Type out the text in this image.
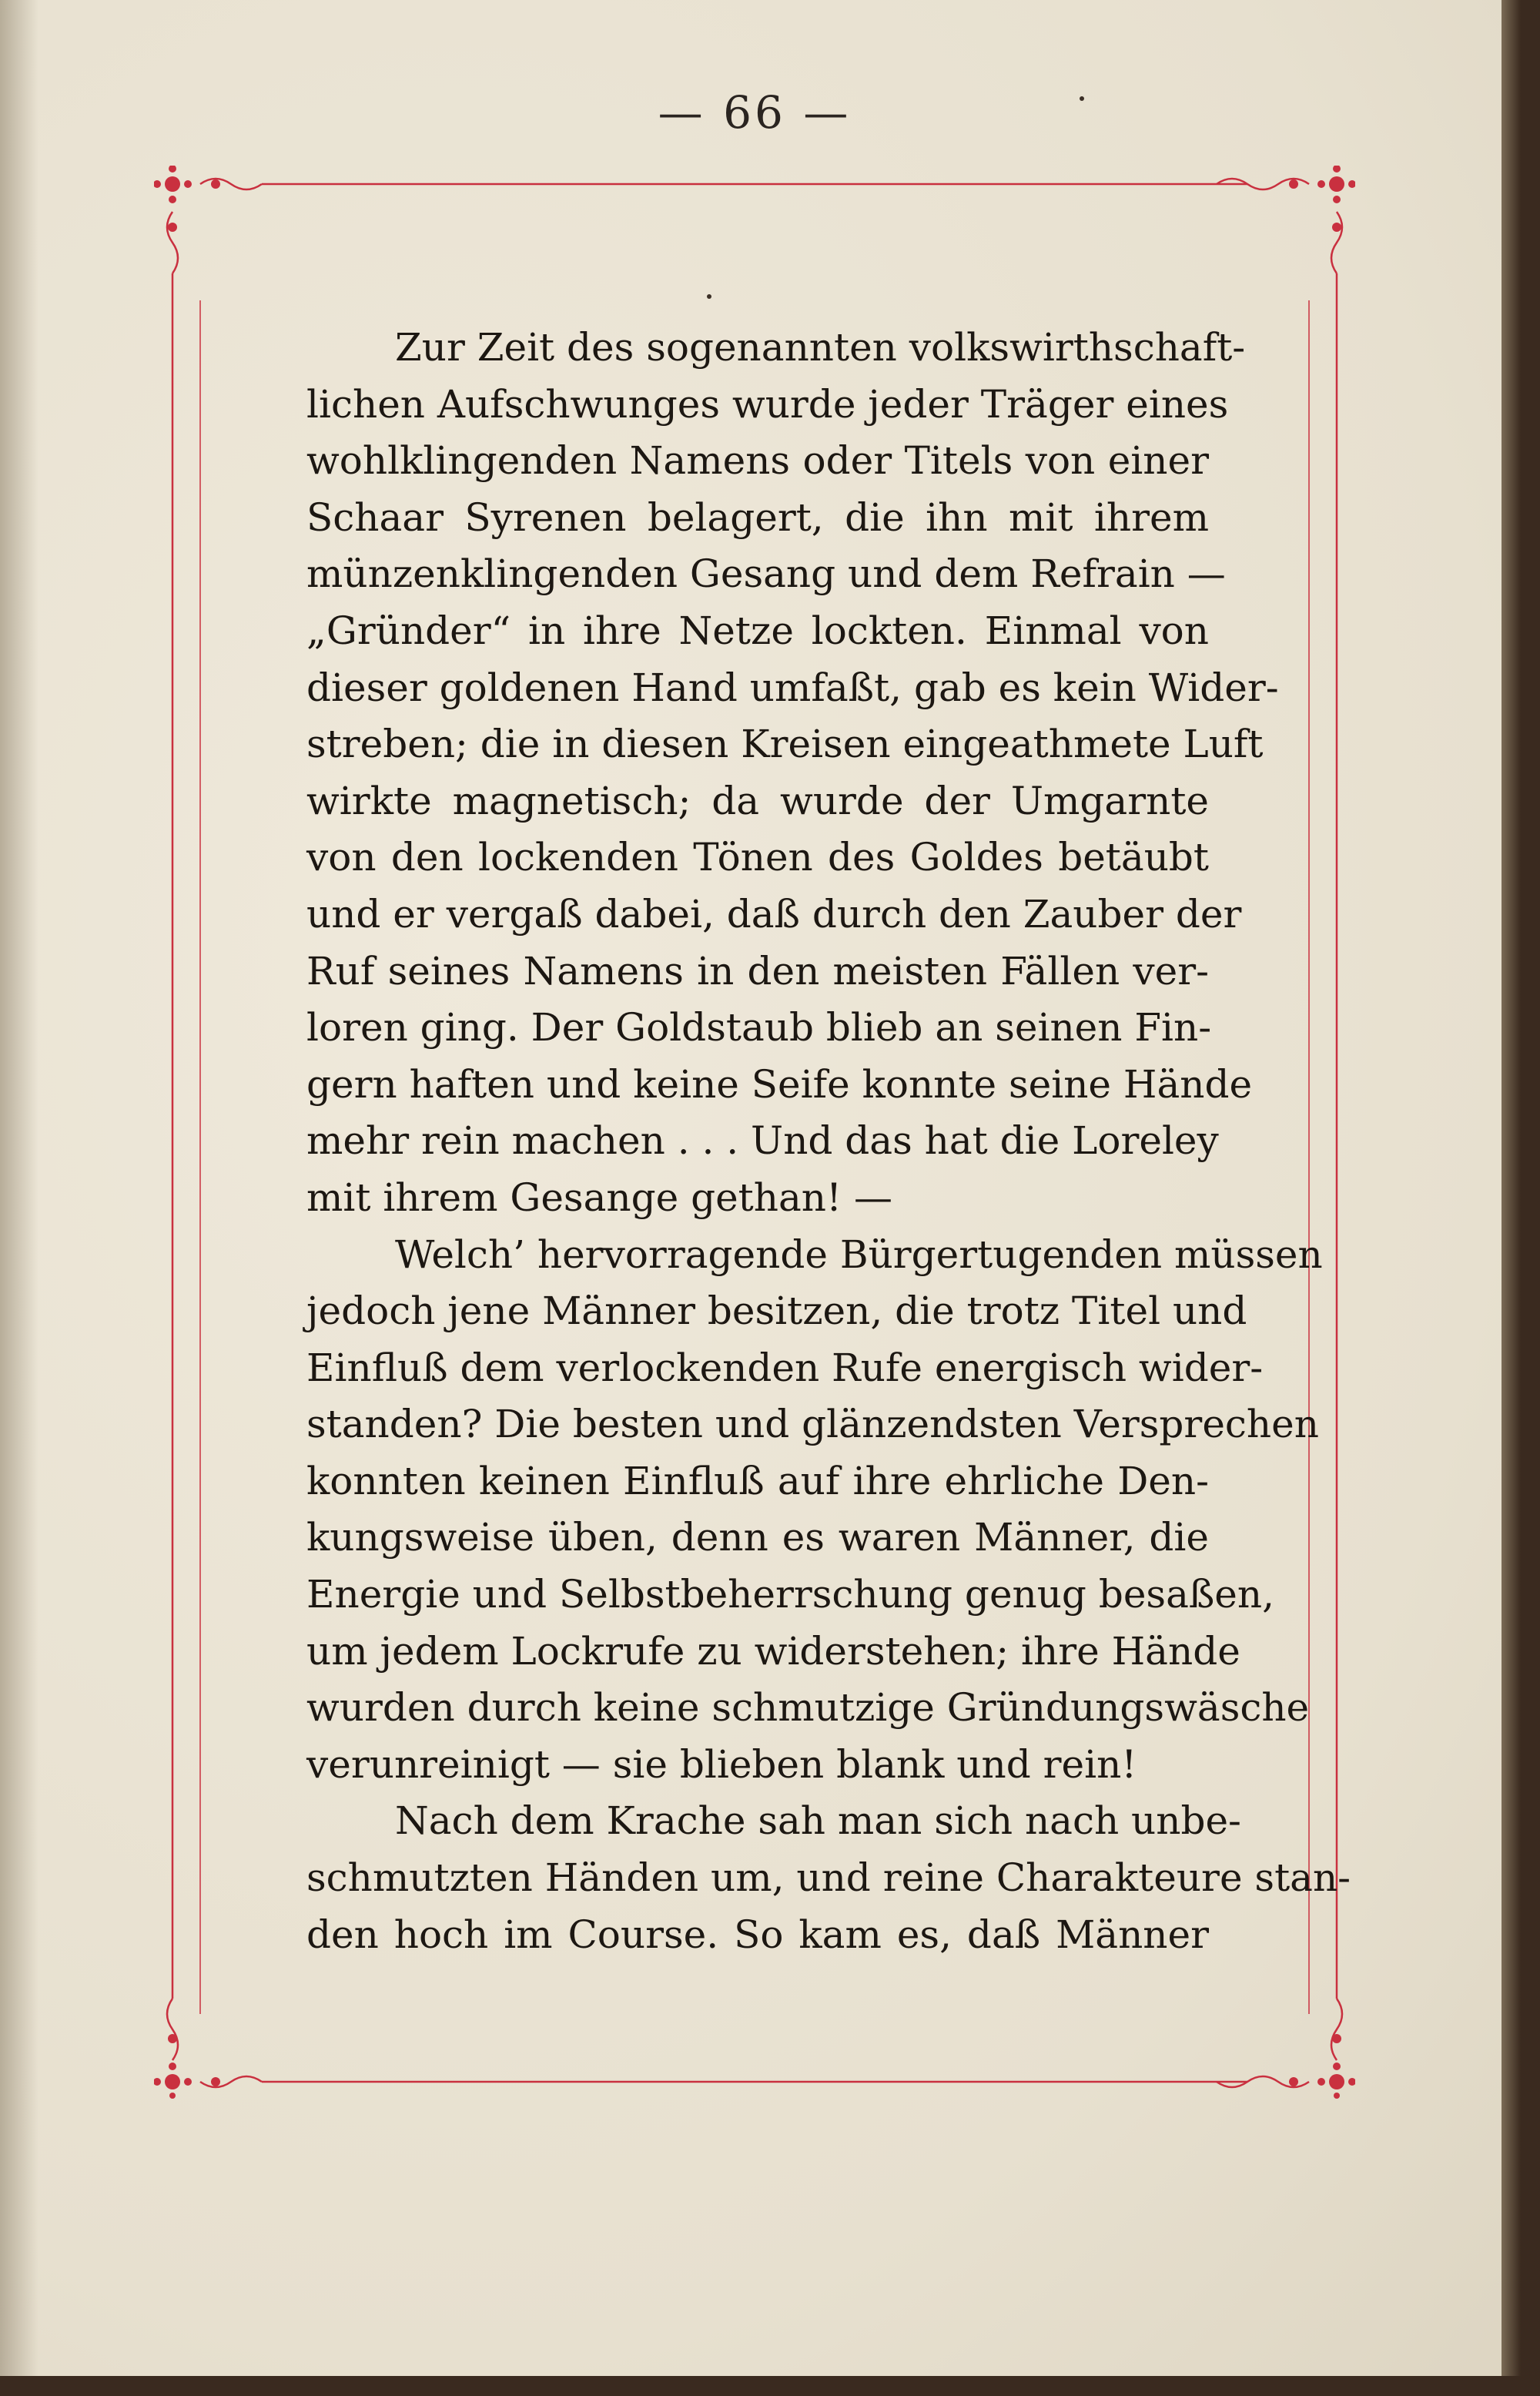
— 66 —
Zur Zeit des sogenannten volkswirthschaft-
lichen Aufschwunges wurde jeder Träger eines
wohlklingenden Namens oder Titels von einer
Schaar Syrenen belagert, die ihn mit ihrem
münzenklingenden Gesang und dem Refrain —
„Gründer“ in ihre Netze lockten. Einmal von
dieser goldenen Hand umfaßt, gab es kein Wider-
streben; die in diesen Kreisen eingeathmete Luft
wirkte magnetisch; da wurde der Umgarnte
von den lockenden Tönen des Goldes betäubt
und er vergaß dabei, daß durch den Zauber der
Ruf seines Namens in den meisten Fällen ver-
loren ging. Der Goldstaub blieb an seinen Fin-
gern haften und keine Seife konnte seine Hände
mehr rein machen . . . Und das hat die Loreley
mit ihrem Gesange gethan! —
Welch’ hervorragende Bürgertugenden müssen
jedoch jene Männer besitzen, die trotz Titel und
Einfluß dem verlockenden Rufe energisch wider-
standen? Die besten und glänzendsten Versprechen
konnten keinen Einfluß auf ihre ehrliche Den-
kungsweise üben, denn es waren Männer, die
Energie und Selbstbeherrschung genug besaßen,
um jedem Lockrufe zu widerstehen; ihre Hände
wurden durch keine schmutzige Gründungswäsche
verunreinigt — sie blieben blank und rein!
Nach dem Krache sah man sich nach unbe-
schmutzten Händen um, und reine Charakteure stan-
den hoch im Course. So kam es, daß Männer
